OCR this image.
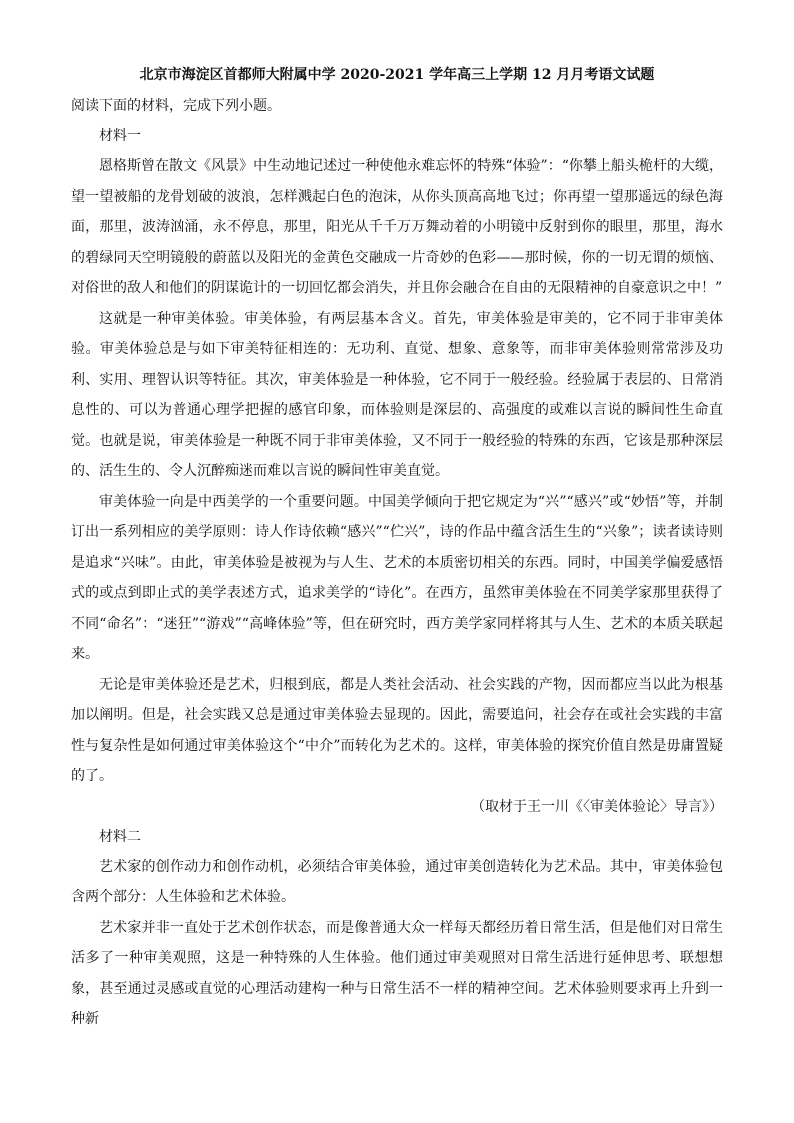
北京市海淀区首都师大附属中学 2020-2021 学年高三上学期 12 月月考语文试题

阅读下面的材料，完成下列小题。

材料一

恩格斯曾在散文《风景》中生动地记述过一种使他永难忘怀的特殊“体验”：“你攀上船头桅杆的大缆，望一望被船的龙骨划破的波浪，怎样溅起白色的泡沫，从你头顶高高地飞过；你再望一望那遥远的绿色海面，那里，波涛汹涌，永不停息，那里，阳光从千千万万舞动着的小明镜中反射到你的眼里，那里，海水的碧绿同天空明镜般的蔚蓝以及阳光的金黄色交融成一片奇妙的色彩——那时候，你的一切无谓的烦恼、对俗世的敌人和他们的阴谋诡计的一切回忆都会消失，并且你会融合在自由的无限精神的自豪意识之中！”

这就是一种审美体验。审美体验，有两层基本含义。首先，审美体验是审美的，它不同于非审美体验。审美体验总是与如下审美特征相连的：无功利、直觉、想象、意象等，而非审美体验则常常涉及功利、实用、理智认识等特征。其次，审美体验是一种体验，它不同于一般经验。经验属于表层的、日常消息性的、可以为普通心理学把握的感官印象，而体验则是深层的、高强度的或难以言说的瞬间性生命直觉。也就是说，审美体验是一种既不同于非审美体验，又不同于一般经验的特殊的东西，它该是那种深层的、活生生的、令人沉醉痴迷而难以言说的瞬间性审美直觉。

审美体验一向是中西美学的一个重要问题。中国美学倾向于把它规定为“兴”“感兴”或“妙悟”等，并制订出一系列相应的美学原则：诗人作诗依赖“感兴”“伫兴”，诗的作品中蕴含活生生的“兴象”；读者读诗则是追求“兴味”。由此，审美体验是被视为与人生、艺术的本质密切相关的东西。同时，中国美学偏爱感悟式的或点到即止式的美学表述方式，追求美学的“诗化”。在西方，虽然审美体验在不同美学家那里获得了不同“命名”：“迷狂”“游戏”“高峰体验”等，但在研究时，西方美学家同样将其与人生、艺术的本质关联起来。

无论是审美体验还是艺术，归根到底，都是人类社会活动、社会实践的产物，因而都应当以此为根基加以阐明。但是，社会实践又总是通过审美体验去显现的。因此，需要追问，社会存在或社会实践的丰富性与复杂性是如何通过审美体验这个“中介”而转化为艺术的。这样，审美体验的探究价值自然是毋庸置疑的了。

（取材于王一川《〈审美体验论〉导言》）

材料二

艺术家的创作动力和创作动机，必须结合审美体验，通过审美创造转化为艺术品。其中，审美体验包含两个部分：人生体验和艺术体验。

艺术家并非一直处于艺术创作状态，而是像普通大众一样每天都经历着日常生活，但是他们对日常生活多了一种审美观照，这是一种特殊的人生体验。他们通过审美观照对日常生活进行延伸思考、联想想象，甚至通过灵感或直觉的心理活动建构一种与日常生活不一样的精神空间。艺术体验则要求再上升到一种新
